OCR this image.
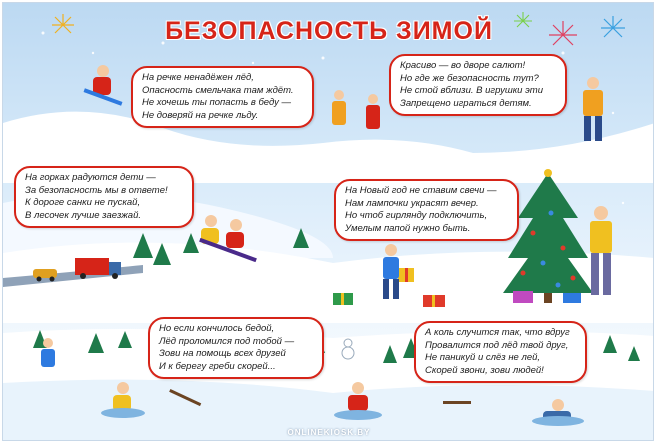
БЕЗОПАСНОСТЬ ЗИМОЙ
На речке ненадёжен лёд,
Опасность смельчака там ждёт.
Не хочешь ты попасть в беду —
Не доверяй на речке льду.
Красиво — во дворе салют!
Но где же безопасность тут?
Не стой вблизи. В игрушки эти
Запрещено играться детям.
На горках радуются дети —
За безопасность мы в ответе!
К дороге санки не пускай,
В лесочек лучше заезжай.
На Новый год не ставим свечи —
Нам лампочки украсят вечер.
Но чтоб гирлянду подключить,
Умелым папой нужно быть.
Но если кончилось бедой,
Лёд проломился под тобой —
Зови на помощь всех друзей
И к берегу греби скорей...
А коль случится так, что вдруг
Провалится под лёд твой друг,
Не паникуй и слёз не лей,
Скорей звони, зови людей!
ONLINEKIOSK.BY
